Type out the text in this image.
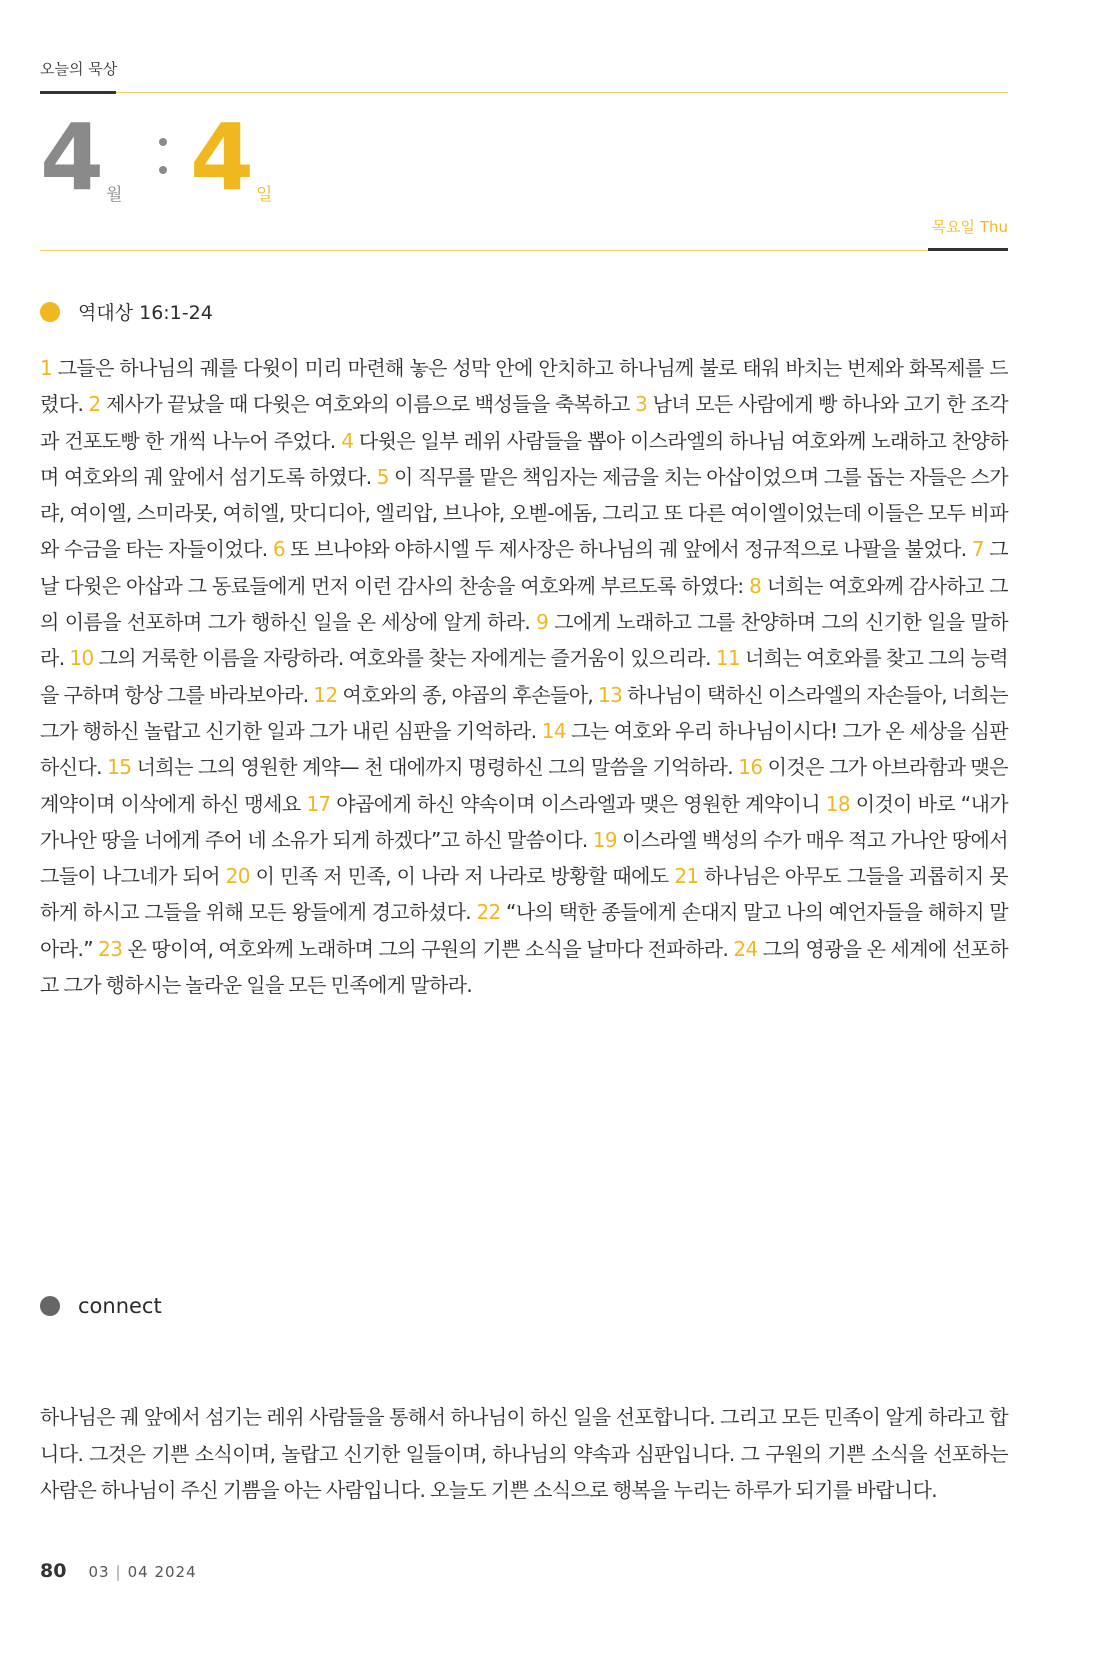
오늘의 묵상
4 월 4 일
목요일 Thu
역대상 16:1-24
1 그들은 하나님의 궤를 다윗이 미리 마련해 놓은 성막 안에 안치하고 하나님께 불로 태워 바치는 번제와 화목제를 드렸다. 2 제사가 끝났을 때 다윗은 여호와의 이름으로 백성들을 축복하고 3 남녀 모든 사람에게 빵 하나와 고기 한 조각과 건포도빵 한 개씩 나누어 주었다. 4 다윗은 일부 레위 사람들을 뽑아 이스라엘의 하나님 여호와께 노래하고 찬양하며 여호와의 궤 앞에서 섬기도록 하였다. 5 이 직무를 맡은 책임자는 제금을 치는 아삽이었으며 그를 돕는 자들은 스가랴, 여이엘, 스미라못, 여히엘, 맛디디아, 엘리압, 브나야, 오벧-에돔, 그리고 또 다른 여이엘이었는데 이들은 모두 비파와 수금을 타는 자들이었다. 6 또 브나야와 야하시엘 두 제사장은 하나님의 궤 앞에서 정규적으로 나팔을 불었다. 7 그 날 다윗은 아삽과 그 동료들에게 먼저 이런 감사의 찬송을 여호와께 부르도록 하였다: 8 너희는 여호와께 감사하고 그의 이름을 선포하며 그가 행하신 일을 온 세상에 알게 하라. 9 그에게 노래하고 그를 찬양하며 그의 신기한 일을 말하라. 10 그의 거룩한 이름을 자랑하라. 여호와를 찾는 자에게는 즐거움이 있으리라. 11 너희는 여호와를 찾고 그의 능력을 구하며 항상 그를 바라보아라. 12 여호와의 종, 야곱의 후손들아, 13 하나님이 택하신 이스라엘의 자손들아, 너희는 그가 행하신 놀랍고 신기한 일과 그가 내린 심판을 기억하라. 14 그는 여호와 우리 하나님이시다! 그가 온 세상을 심판하신다. 15 너희는 그의 영원한 계약— 천 대에까지 명령하신 그의 말씀을 기억하라. 16 이것은 그가 아브라함과 맺은 계약이며 이삭에게 하신 맹세요 17 야곱에게 하신 약속이며 이스라엘과 맺은 영원한 계약이니 18 이것이 바로 “내가 가나안 땅을 너에게 주어 네 소유가 되게 하겠다”고 하신 말씀이다. 19 이스라엘 백성의 수가 매우 적고 가나안 땅에서 그들이 나그네가 되어 20 이 민족 저 민족, 이 나라 저 나라로 방황할 때에도 21 하나님은 아무도 그들을 괴롭히지 못하게 하시고 그들을 위해 모든 왕들에게 경고하셨다. 22 “나의 택한 종들에게 손대지 말고 나의 예언자들을 해하지 말아라.” 23 온 땅이여, 여호와께 노래하며 그의 구원의 기쁜 소식을 날마다 전파하라. 24 그의 영광을 온 세계에 선포하고 그가 행하시는 놀라운 일을 모든 민족에게 말하라.
connect
하나님은 궤 앞에서 섬기는 레위 사람들을 통해서 하나님이 하신 일을 선포합니다. 그리고 모든 민족이 알게 하라고 합니다. 그것은 기쁜 소식이며, 놀랍고 신기한 일들이며, 하나님의 약속과 심판입니다. 그 구원의 기쁜 소식을 선포하는 사람은 하나님이 주신 기쁨을 아는 사람입니다. 오늘도 기쁜 소식으로 행복을 누리는 하루가 되기를 바랍니다.
80 03 | 04 2024
